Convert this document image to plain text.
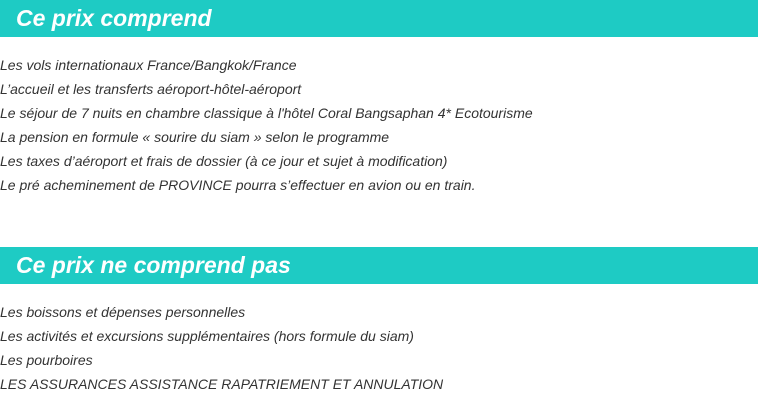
Ce prix comprend
Les vols internationaux France/Bangkok/France
L’accueil et les transferts aéroport-hôtel-aéroport
Le séjour de 7 nuits en chambre classique à l'hôtel Coral Bangsaphan 4* Ecotourisme
La pension en formule « sourire du siam » selon le programme
Les taxes d’aéroport et frais de dossier (à ce jour et sujet à modification)
Le pré acheminement de PROVINCE pourra s’effectuer en avion ou en train.
Ce prix ne comprend pas
Les boissons et dépenses personnelles
Les activités et excursions supplémentaires (hors formule du siam)
Les pourboires
LES ASSURANCES ASSISTANCE RAPATRIEMENT ET ANNULATION
